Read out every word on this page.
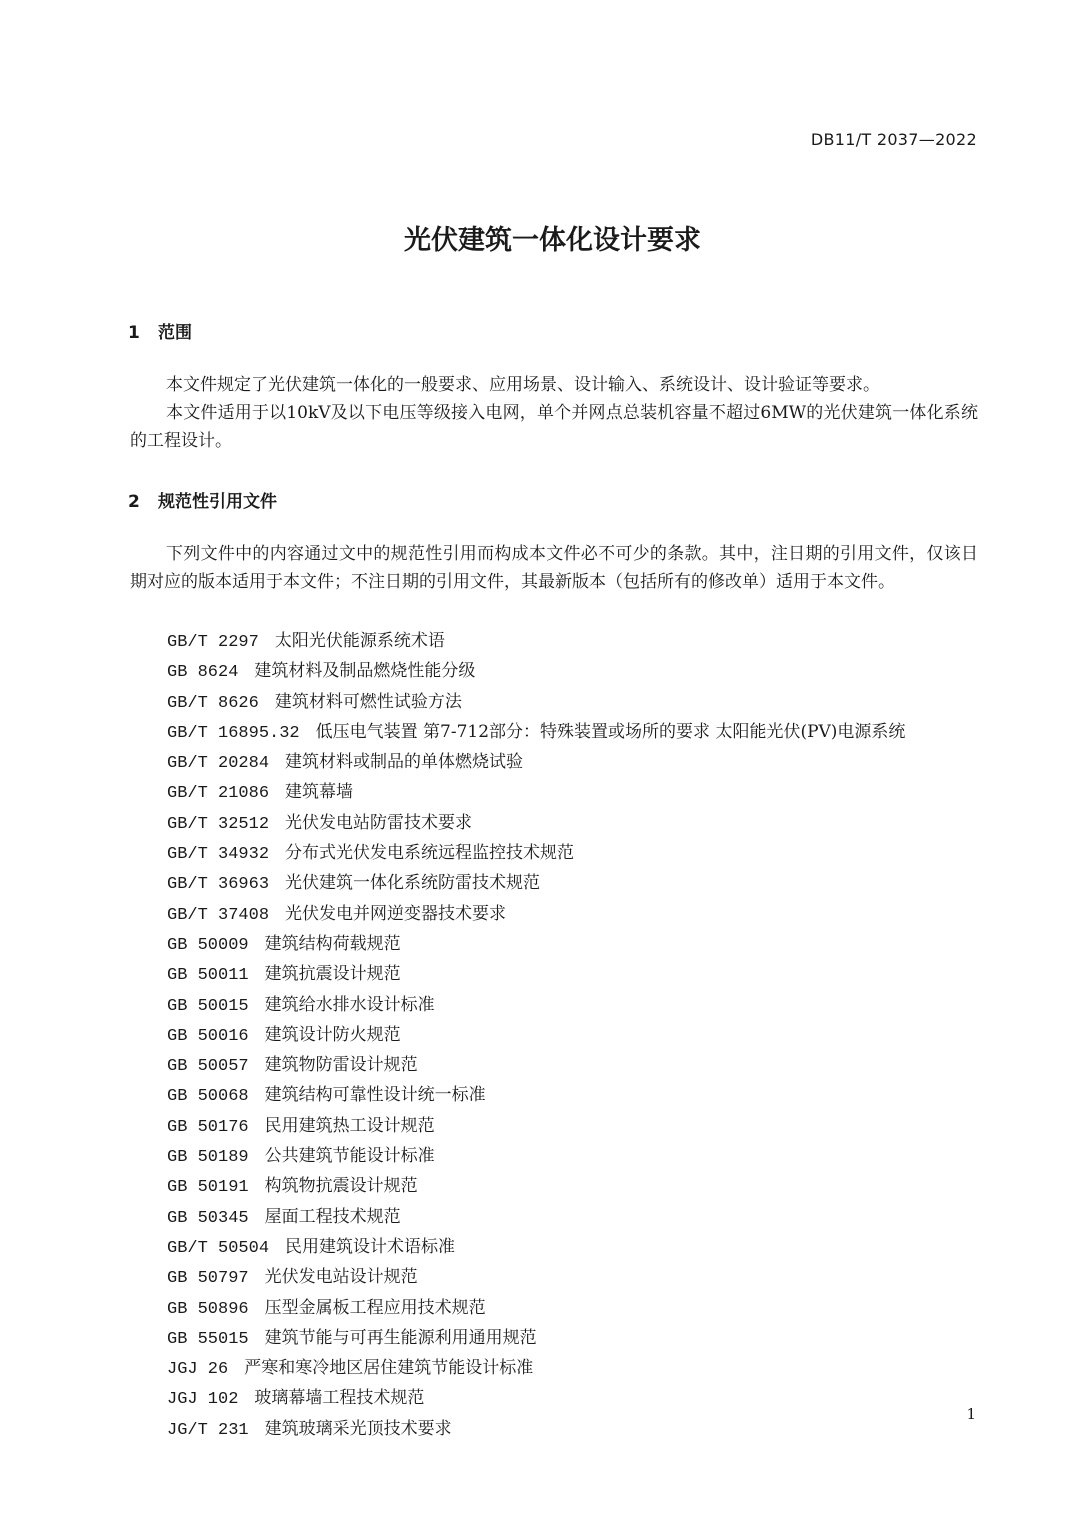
DB11/T 2037—2022
光伏建筑一体化设计要求
1 范围

本文件规定了光伏建筑一体化的一般要求、应用场景、设计输入、系统设计、设计验证等要求。

本文件适用于以10kV及以下电压等级接入电网，单个并网点总装机容量不超过6MW的光伏建筑一体化系统的工程设计。

2 规范性引用文件

下列文件中的内容通过文中的规范性引用而构成本文件必不可少的条款。其中，注日期的引用文件，仅该日期对应的版本适用于本文件；不注日期的引用文件，其最新版本（包括所有的修改单）适用于本文件。

GB/T 2297 太阳光伏能源系统术语
GB 8624 建筑材料及制品燃烧性能分级
GB/T 8626 建筑材料可燃性试验方法
GB/T 16895.32 低压电气装置 第7-712部分：特殊装置或场所的要求 太阳能光伏(PV)电源系统
GB/T 20284 建筑材料或制品的单体燃烧试验
GB/T 21086 建筑幕墙
GB/T 32512 光伏发电站防雷技术要求
GB/T 34932 分布式光伏发电系统远程监控技术规范
GB/T 36963 光伏建筑一体化系统防雷技术规范
GB/T 37408 光伏发电并网逆变器技术要求
GB 50009 建筑结构荷载规范
GB 50011 建筑抗震设计规范
GB 50015 建筑给水排水设计标准
GB 50016 建筑设计防火规范
GB 50057 建筑物防雷设计规范
GB 50068 建筑结构可靠性设计统一标准
GB 50176 民用建筑热工设计规范
GB 50189 公共建筑节能设计标准
GB 50191 构筑物抗震设计规范
GB 50345 屋面工程技术规范
GB/T 50504 民用建筑设计术语标准
GB 50797 光伏发电站设计规范
GB 50896 压型金属板工程应用技术规范
GB 55015 建筑节能与可再生能源利用通用规范
JGJ 26 严寒和寒冷地区居住建筑节能设计标准
JGJ 102 玻璃幕墙工程技术规范
JG/T 231 建筑玻璃采光顶技术要求
1
